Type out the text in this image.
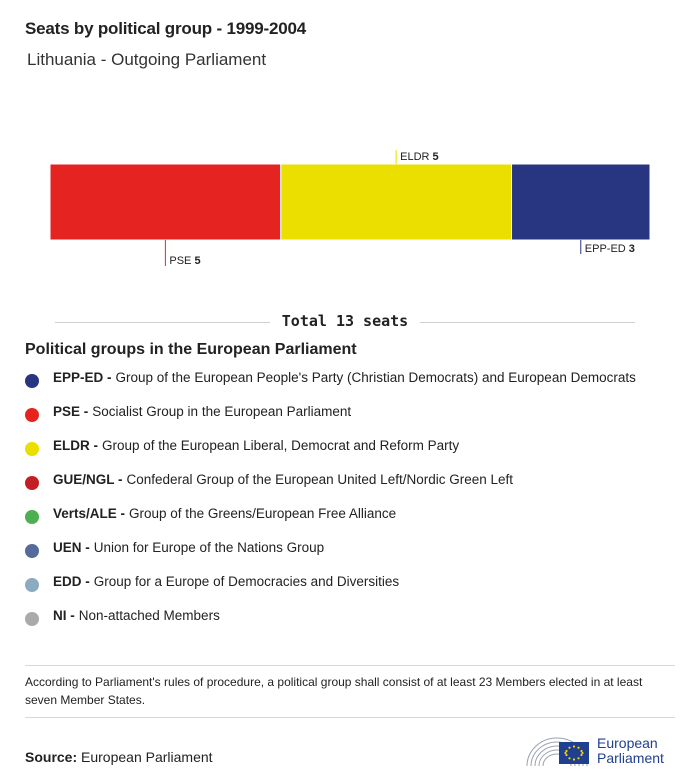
Seats by political group - 1999-2004
Lithuania - Outgoing Parliament
PSE 5
ELDR 5
EPP-ED 3
Total 13 seats
Political groups in the European Parliament
EPP-ED - Group of the European People's Party (Christian Democrats) and European Democrats
PSE - Socialist Group in the European Parliament
ELDR - Group of the European Liberal, Democrat and Reform Party
GUE/NGL - Confederal Group of the European United Left/Nordic Green Left
Verts/ALE - Group of the Greens/European Free Alliance
UEN - Union for Europe of the Nations Group
EDD - Group for a Europe of Democracies and Diversities
NI - Non-attached Members
According to Parliament's rules of procedure, a political group shall consist of at least 23 Members elected in at least seven Member States.
Source: European Parliament
European
Parliament
